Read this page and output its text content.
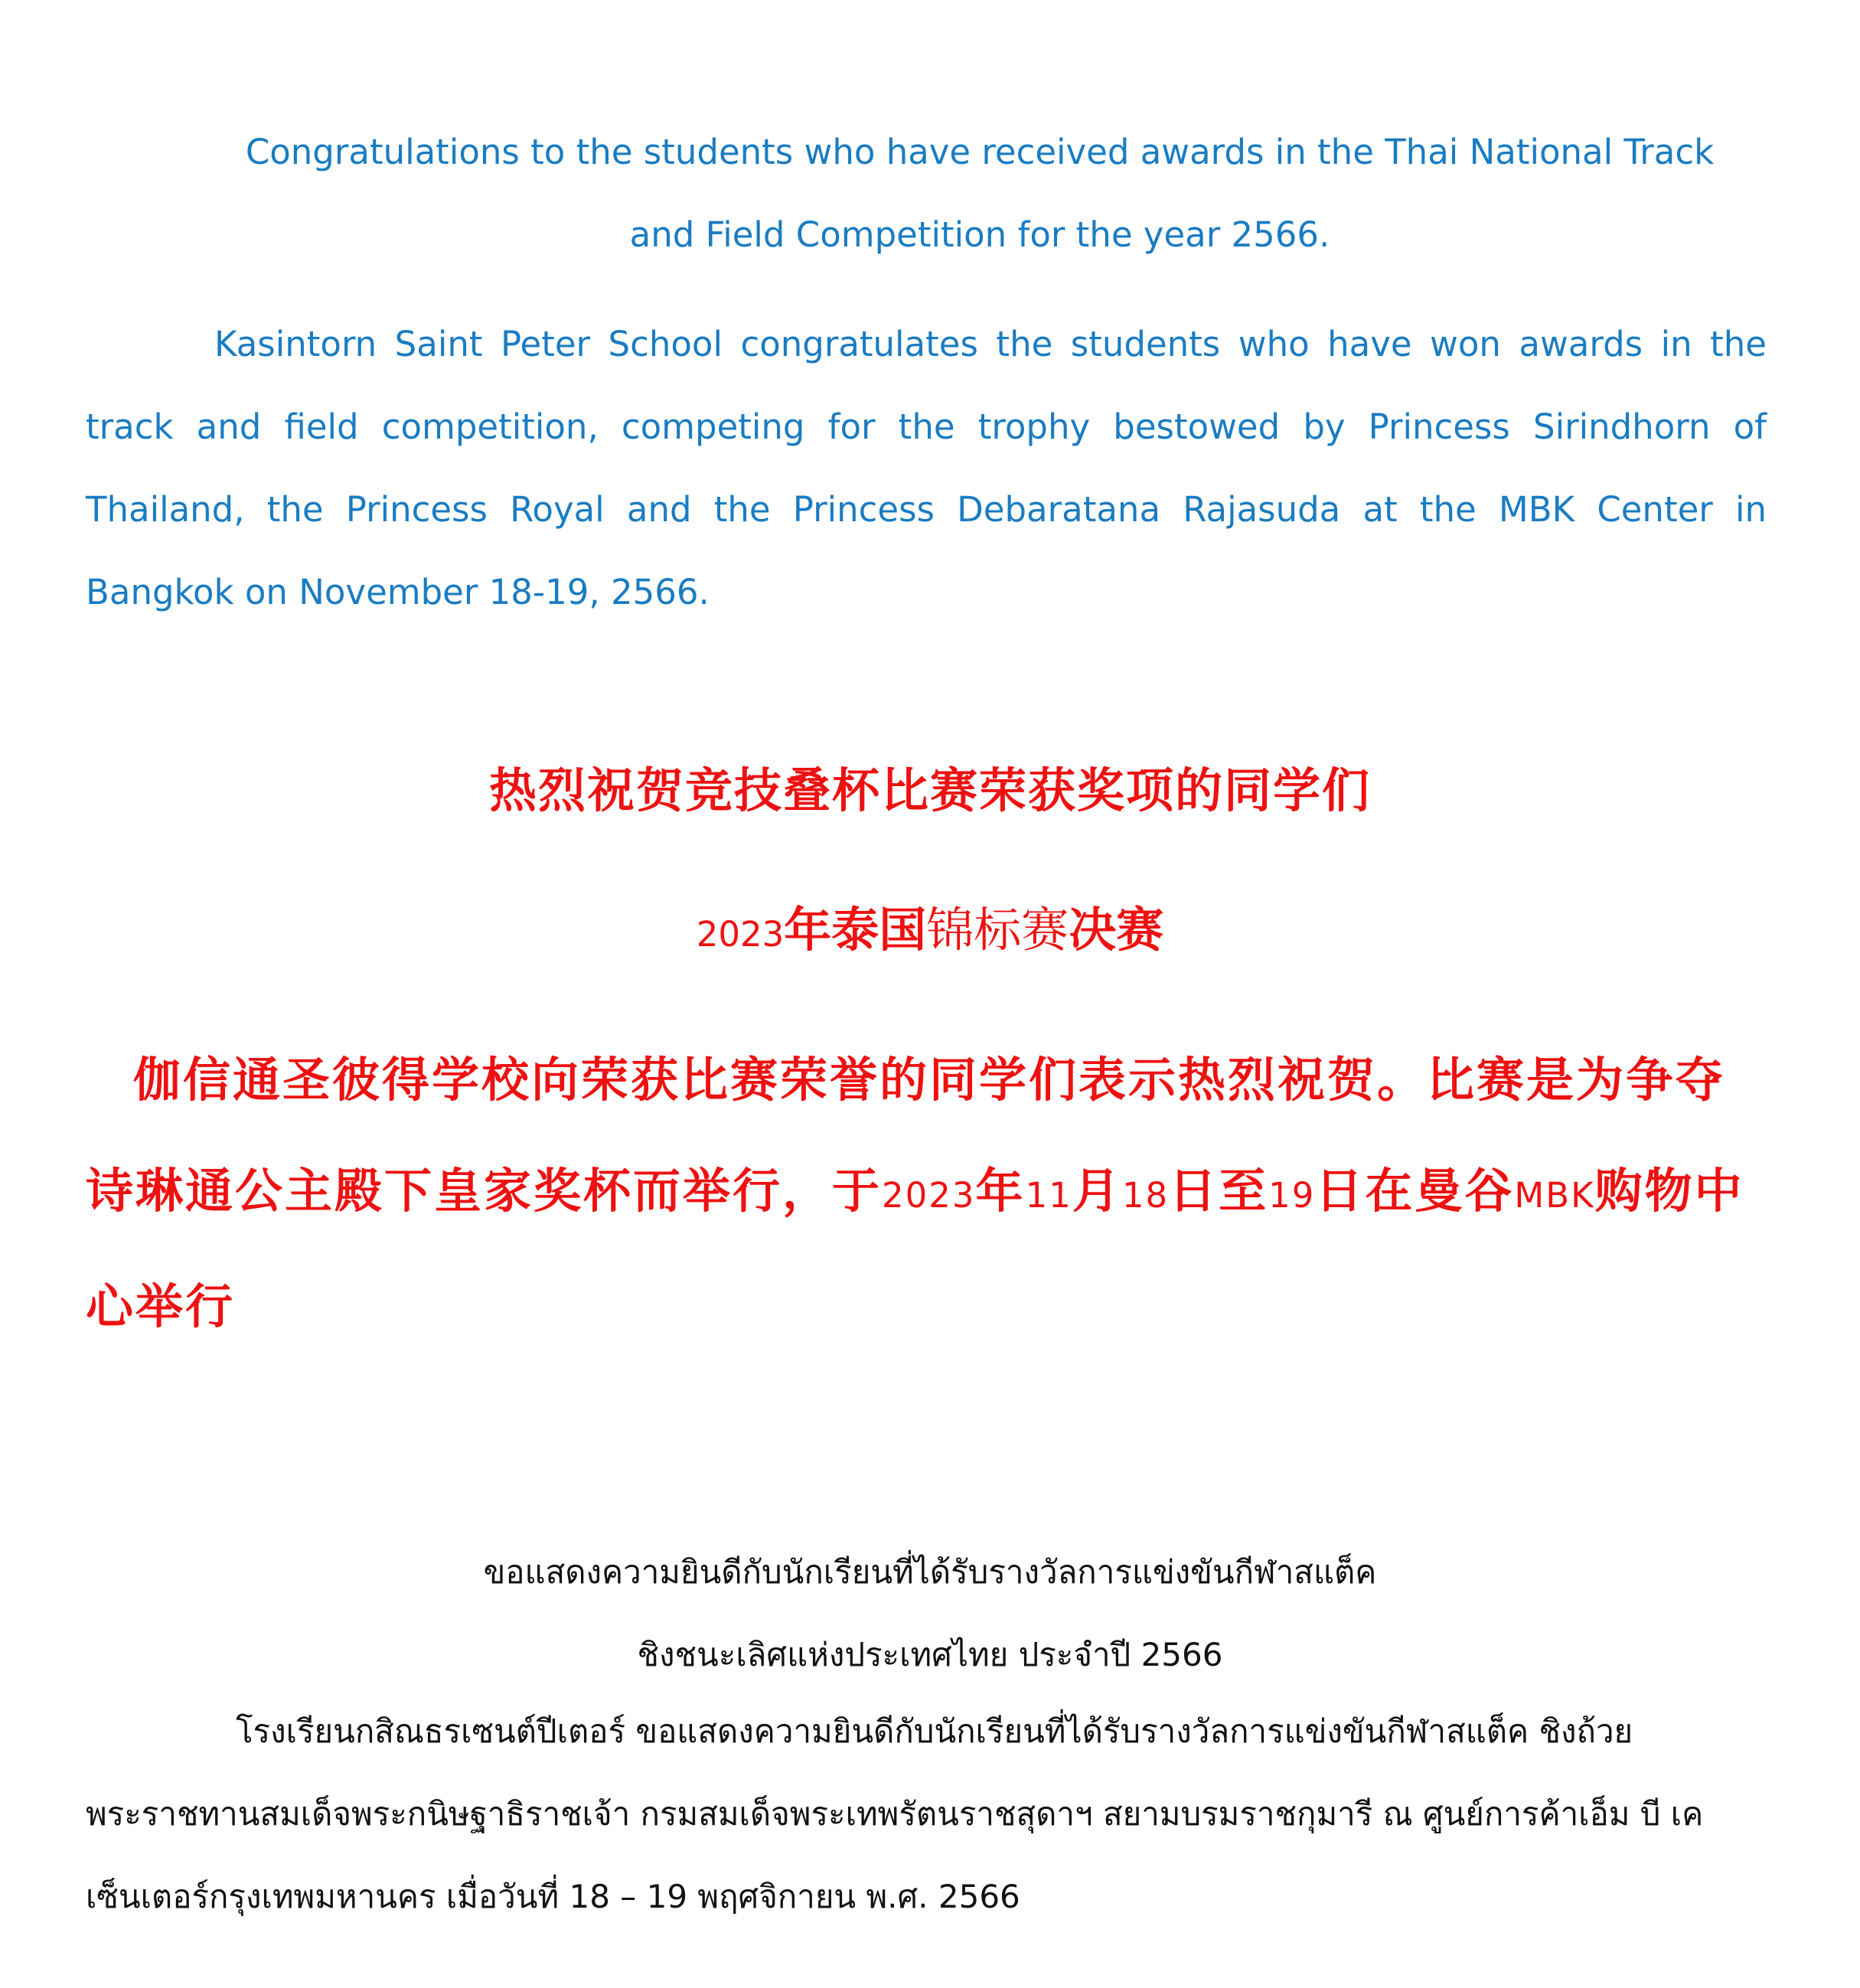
Congratulations to the students who have received awards in the Thai National Track
and Field Competition for the year 2566.

Kasintorn Saint Peter School congratulates the students who have won awards in the track and field competition, competing for the trophy bestowed by Princess Sirindhorn of Thailand, the Princess Royal and the Princess Debaratana Rajasuda at the MBK Center in Bangkok on November 18-19, 2566.

热烈祝贺竞技叠杯比赛荣获奖项的同学们
2023年泰国锦标赛决赛

伽信通圣彼得学校向荣获比赛荣誉的同学们表示热烈祝贺。比赛是为争夺诗琳通公主殿下皇家奖杯而举行，于2023年11月18日至19日在曼谷MBK购物中心举行

ขอแสดงความยินดีกับนักเรียนที่ได้รับรางวัลการแข่งขันกีฬาสแต็ค
ชิงชนะเลิศแห่งประเทศไทย ประจำปี 2566

โรงเรียนกสิณธรเซนต์ปีเตอร์ ขอแสดงความยินดีกับนักเรียนที่ได้รับรางวัลการแข่งขันกีฬาสแต็ค ชิงถ้วยพระราชทานสมเด็จพระกนิษฐาธิราชเจ้า กรมสมเด็จพระเทพรัตนราชสุดาฯ สยามบรมราชกุมารี ณ ศูนย์การค้าเอ็ม บี เค เซ็นเตอร์กรุงเทพมหานคร เมื่อวันที่ 18 – 19 พฤศจิกายน พ.ศ. 2566
